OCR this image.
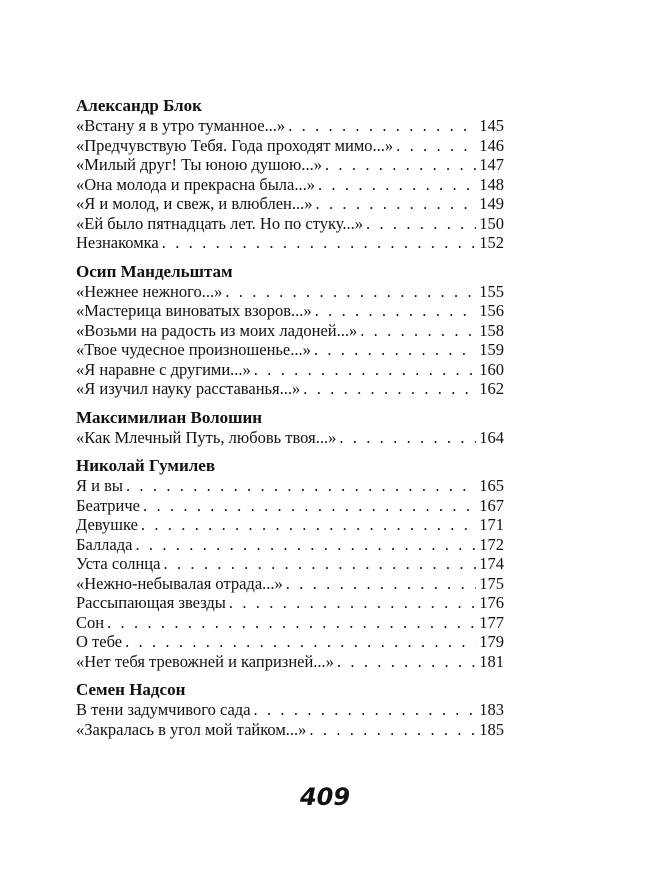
Александр Блок
«Встану я в утро туманное...» . . .	145
«Предчувствую Тебя. Года проходят мимо...» . . .	146
«Милый друг! Ты юною душою...» . . .	147
«Она молода и прекрасна была...» . . .	148
«Я и молод, и свеж, и влюблен...» . . .	149
«Ей было пятнадцать лет. Но по стуку...» . . .	150
Незнакомка . . .	152
Осип Мандельштам
«Нежнее нежного...» . . .	155
«Мастерица виноватых взоров...» . . .	156
«Возьми на радость из моих ладоней...» . . .	158
«Твое чудесное произношенье...» . . .	159
«Я наравне с другими...» . . .	160
«Я изучил науку расставанья...» . . .	162
Максимилиан Волошин
«Как Млечный Путь, любовь твоя...» . . .	164
Николай Гумилев
Я и вы . . .	165
Беатриче . . .	167
Девушке . . .	171
Баллада . . .	172
Уста солнца . . .	174
«Нежно-небывалая отрада...» . . .	175
Рассыпающая звезды . . .	176
Сон . . .	177
О тебе . . .	179
«Нет тебя тревожней и капризней...» . . .	181
Семен Надсон
В тени задумчивого сада . . .	183
«Закралась в угол мой тайком...» . . .	185
409
